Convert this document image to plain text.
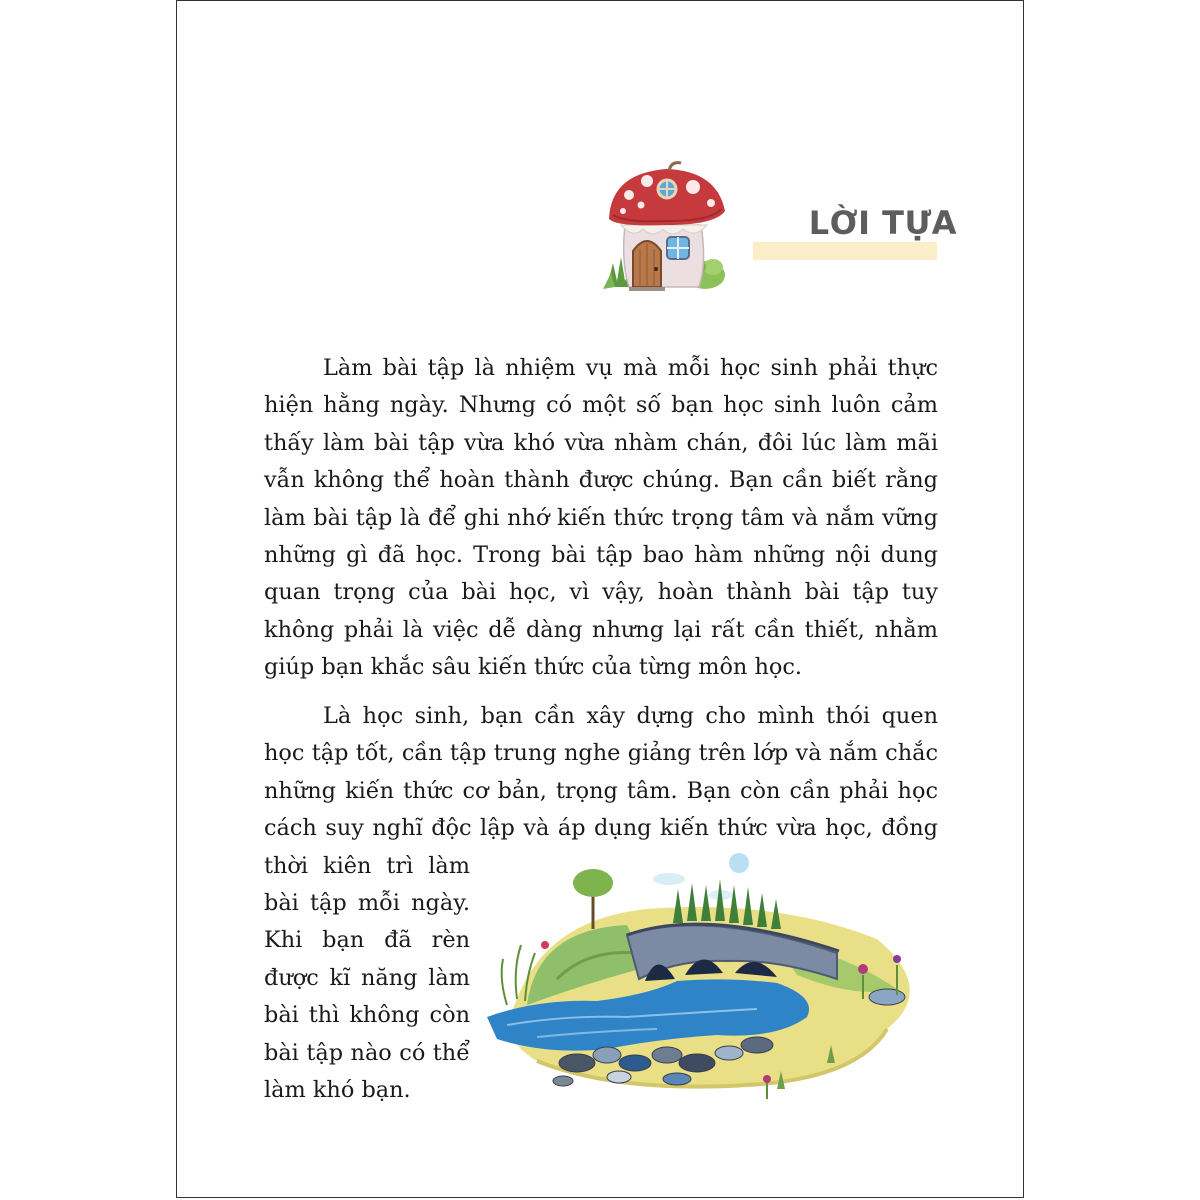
LỜI TỰA

Làm bài tập là nhiệm vụ mà mỗi học sinh phải thực hiện hằng ngày. Nhưng có một số bạn học sinh luôn cảm thấy làm bài tập vừa khó vừa nhàm chán, đôi lúc làm mãi vẫn không thể hoàn thành được chúng. Bạn cần biết rằng làm bài tập là để ghi nhớ kiến thức trọng tâm và nắm vững những gì đã học. Trong bài tập bao hàm những nội dung quan trọng của bài học, vì vậy, hoàn thành bài tập tuy không phải là việc dễ dàng nhưng lại rất cần thiết, nhằm giúp bạn khắc sâu kiến thức của từng môn học.

Là học sinh, bạn cần xây dựng cho mình thói quen học tập tốt, cần tập trung nghe giảng trên lớp và nắm chắc những kiến thức cơ bản, trọng tâm. Bạn còn cần phải học cách suy nghĩ độc lập và áp dụng kiến thức vừa học, đồng
thời kiên trì làm bài tập mỗi ngày. Khi bạn đã rèn được kĩ năng làm bài thì không còn bài tập nào có thể làm khó bạn.
